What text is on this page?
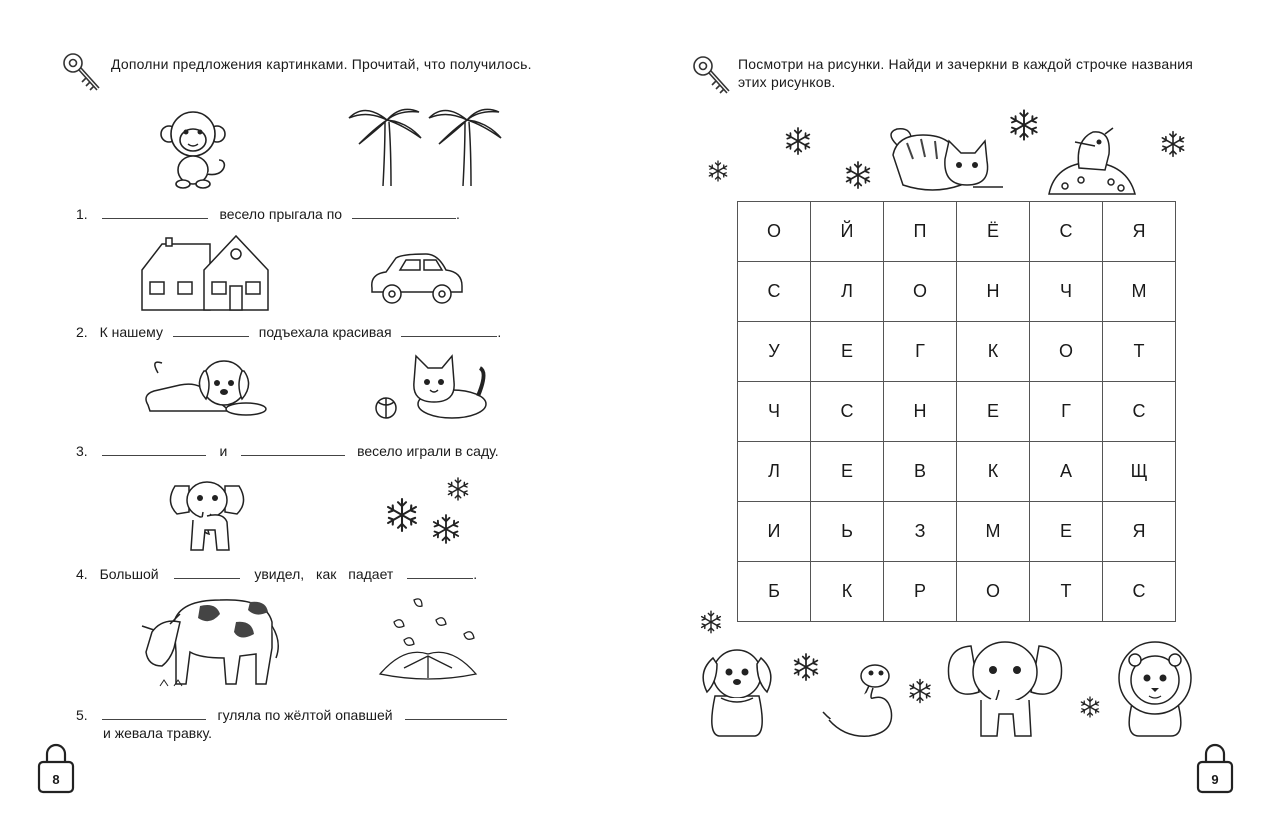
Дополни предложения картинками. Прочитай, что получилось.
1.	весело прыгала по	.
2. К нашему	подъехала красивая	.
3.	и	весело играли в саду.
4. Большой	увидел, как падает	.
5.	гуляла по жёлтой опавшей
и жевала травку.
8
Посмотри на рисунки. Найди и зачеркни в каждой строчке названия этих рисунков.
О	Й	П	Ё	С	Я
С	Л	О	Н	Ч	М
У	Е	Г	К	О	Т
Ч	С	Н	Е	Г	С
Л	Е	В	К	А	Щ
И	Ь	З	М	Е	Я
Б	К	Р	О	Т	С
9
